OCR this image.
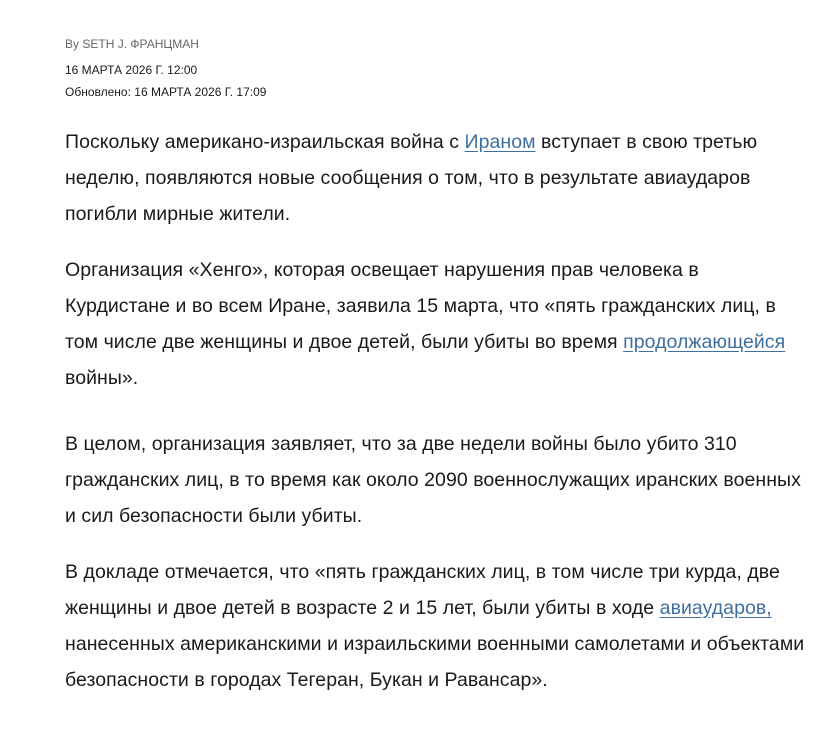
By SETH J. ФРАНЦМАН
16 МАРТА 2026 Г. 12:00
Обновлено: 16 МАРТА 2026 Г. 17:09

Поскольку американо-израильская война с Ираном вступает в свою третью неделю, появляются новые сообщения о том, что в результате авиаударов погибли мирные жители.

Организация «Хенго», которая освещает нарушения прав человека в Курдистане и во всем Иране, заявила 15 марта, что «пять гражданских лиц, в том числе две женщины и двое детей, были убиты во время продолжающейся войны».

В целом, организация заявляет, что за две недели войны было убито 310 гражданских лиц, в то время как около 2090 военнослужащих иранских военных и сил безопасности были убиты.

В докладе отмечается, что «пять гражданских лиц, в том числе три курда, две женщины и двое детей в возрасте 2 и 15 лет, были убиты в ходе авиаударов, нанесенных американскими и израильскими военными самолетами и объектами безопасности в городах Тегеран, Букан и Равансар».
